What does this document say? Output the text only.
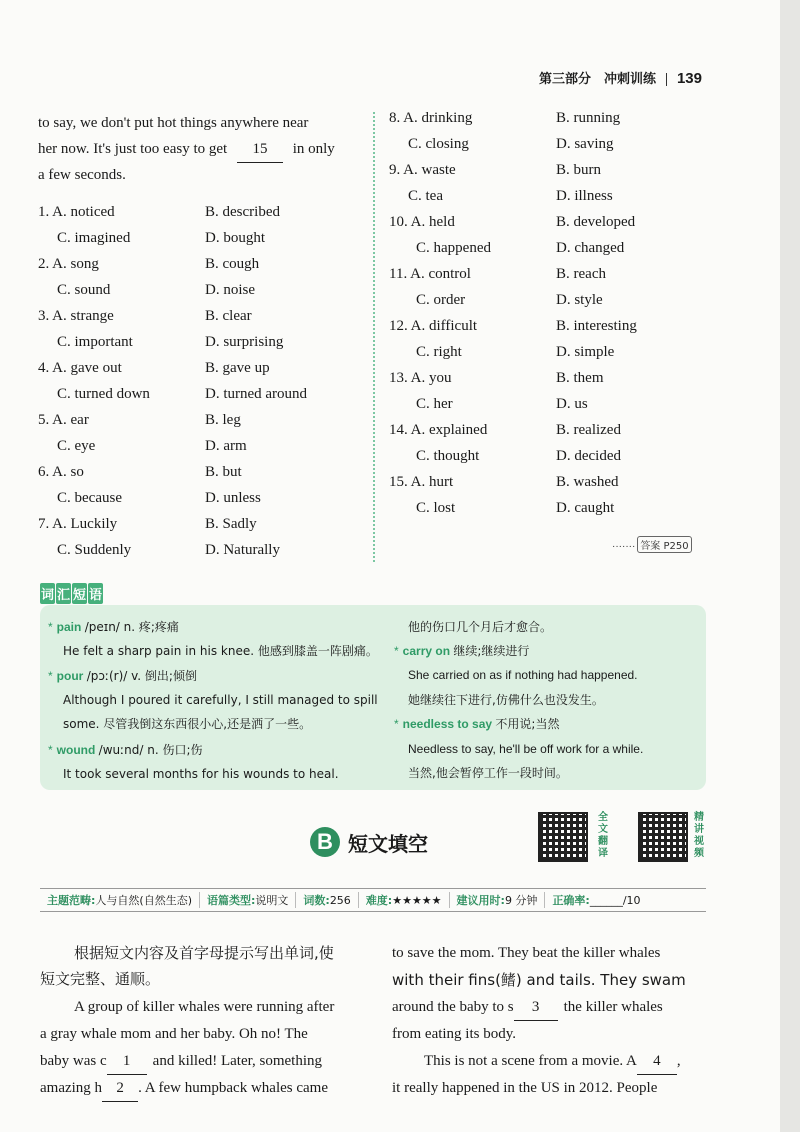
第三部分　冲刺训练 139
to say, we don't put hot things anywhere near
her now. It's just too easy to get 15 in only
a few seconds.
1. A. noticed	B. described
C. imagined	D. bought
2. A. song	B. cough
C. sound	D. noise
3. A. strange	B. clear
C. important	D. surprising
4. A. gave out	B. gave up
C. turned down	D. turned around
5. A. ear	B. leg
C. eye	D. arm
6. A. so	B. but
C. because	D. unless
7. A. Luckily	B. Sadly
C. Suddenly	D. Naturally
8. A. drinking	B. running
C. closing	D. saving
9. A. waste	B. burn
C. tea	D. illness
10. A. held	B. developed
C. happened	D. changed
11. A. control	B. reach
C. order	D. style
12. A. difficult	B. interesting
C. right	D. simple
13. A. you	B. them
C. her	D. us
14. A. explained	B. realized
C. thought	D. decided
15. A. hurt	B. washed
C. lost	D. caught
······· 答案 P250
词 汇 短 语
* pain /peɪn/ n. 疼;疼痛
He felt a sharp pain in his knee. 他感到膝盖一阵剧痛。
* pour /pɔː(r)/ v. 倒出;倾倒
Although I poured it carefully, I still managed to spill
some. 尽管我倒这东西很小心,还是洒了一些。
* wound /wuːnd/ n. 伤口;伤
It took several months for his wounds to heal.
他的伤口几个月后才愈合。
* carry on 继续;继续进行
She carried on as if nothing had happened.
她继续往下进行,仿佛什么也没发生。
* needless to say 不用说;当然
Needless to say, he'll be off work for a while.
当然,他会暂停工作一段时间。
B 短文填空
全
文
翻
译
精
讲
视
频
主题范畴:人与自然(自然生态)	语篇类型:说明文	词数:256	难度:★★★★★	建议用时:9 分钟	正确率:______/10
根据短文内容及首字母提示写出单词,使
短文完整、通顺。
A group of killer whales were running after
a gray whale mom and her baby. Oh no! The
baby was c 1 and killed! Later, something
amazing h 2 . A few humpback whales came
to save the mom. They beat the killer whales
with their fins(鳍) and tails. They swam
around the baby to s 3 the killer whales
from eating its body.
This is not a scene from a movie. A 4 ,
it really happened in the US in 2012. People
